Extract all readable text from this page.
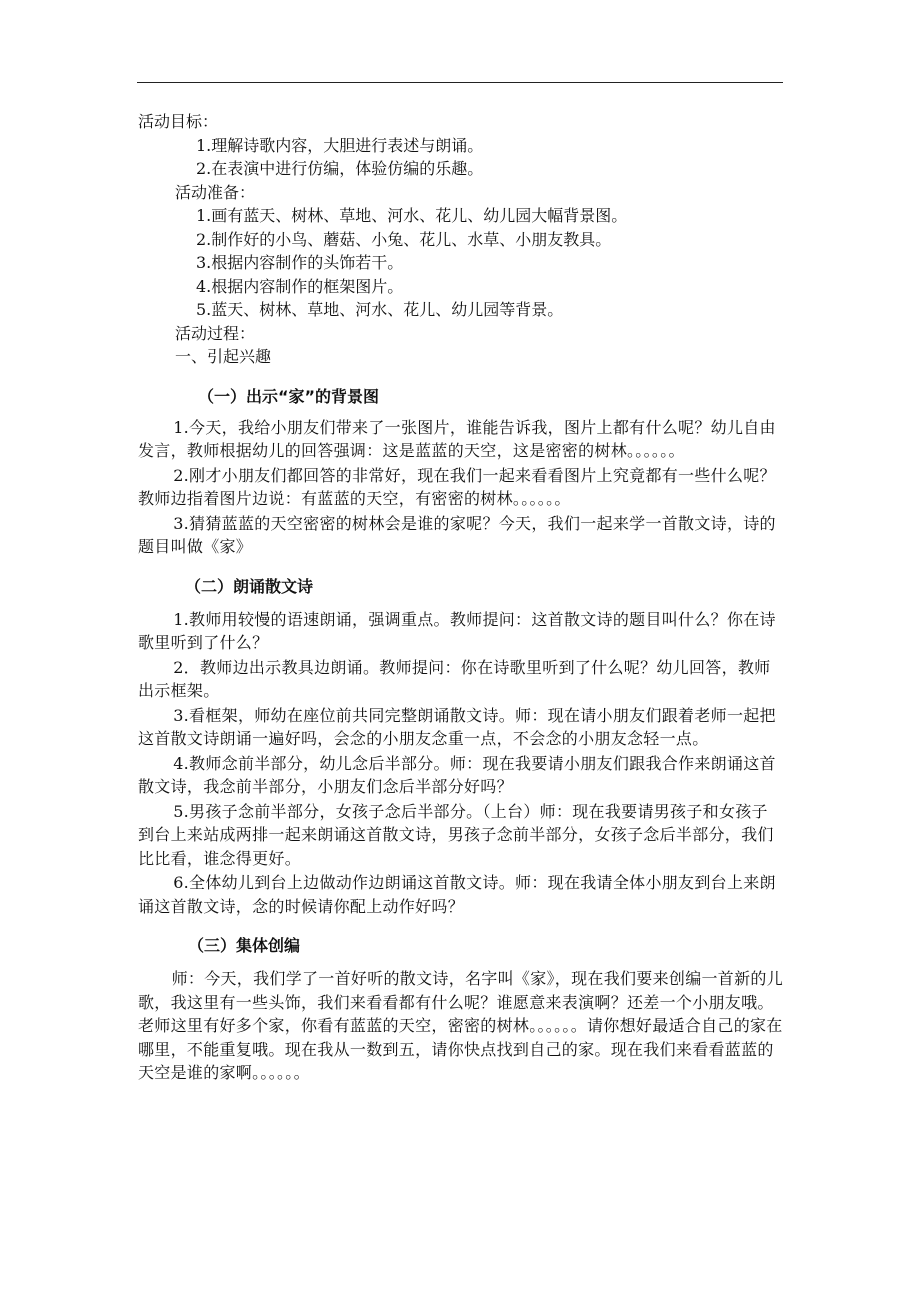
活动目标：
1.理解诗歌内容，大胆进行表述与朗诵。
2.在表演中进行仿编，体验仿编的乐趣。
活动准备：
1.画有蓝天、树林、草地、河水、花儿、幼儿园大幅背景图。
2.制作好的小鸟、蘑菇、小兔、花儿、水草、小朋友教具。
3.根据内容制作的头饰若干。
4.根据内容制作的框架图片。
5.蓝天、树林、草地、河水、花儿、幼儿园等背景。
活动过程：
一、引起兴趣
（一）出示“家”的背景图

1.今天，我给小朋友们带来了一张图片，谁能告诉我，图片上都有什么呢？幼儿自由发言，教师根据幼儿的回答强调：这是蓝蓝的天空，这是密密的树林。。。。。。

2.刚才小朋友们都回答的非常好，现在我们一起来看看图片上究竟都有一些什么呢？教师边指着图片边说：有蓝蓝的天空，有密密的树林。。。。。。

3.猜猜蓝蓝的天空密密的树林会是谁的家呢？今天，我们一起来学一首散文诗，诗的题目叫做《家》

（二）朗诵散文诗

1.教师用较慢的语速朗诵，强调重点。教师提问：这首散文诗的题目叫什么？你在诗歌里听到了什么？

2．教师边出示教具边朗诵。教师提问：你在诗歌里听到了什么呢？幼儿回答，教师出示框架。

3.看框架，师幼在座位前共同完整朗诵散文诗。师：现在请小朋友们跟着老师一起把这首散文诗朗诵一遍好吗，会念的小朋友念重一点，不会念的小朋友念轻一点。

4.教师念前半部分，幼儿念后半部分。师：现在我要请小朋友们跟我合作来朗诵这首散文诗，我念前半部分，小朋友们念后半部分好吗？

5.男孩子念前半部分，女孩子念后半部分。（上台）师：现在我要请男孩子和女孩子到台上来站成两排一起来朗诵这首散文诗，男孩子念前半部分，女孩子念后半部分，我们比比看，谁念得更好。

6.全体幼儿到台上边做动作边朗诵这首散文诗。师：现在我请全体小朋友到台上来朗诵这首散文诗，念的时候请你配上动作好吗？

（三）集体创编

师：今天，我们学了一首好听的散文诗，名字叫《家》，现在我们要来创编一首新的儿歌，我这里有一些头饰，我们来看看都有什么呢？谁愿意来表演啊？还差一个小朋友哦。老师这里有好多个家，你看有蓝蓝的天空，密密的树林。。。。。。请你想好最适合自己的家在哪里，不能重复哦。现在我从一数到五，请你快点找到自己的家。现在我们来看看蓝蓝的天空是谁的家啊。。。。。。
